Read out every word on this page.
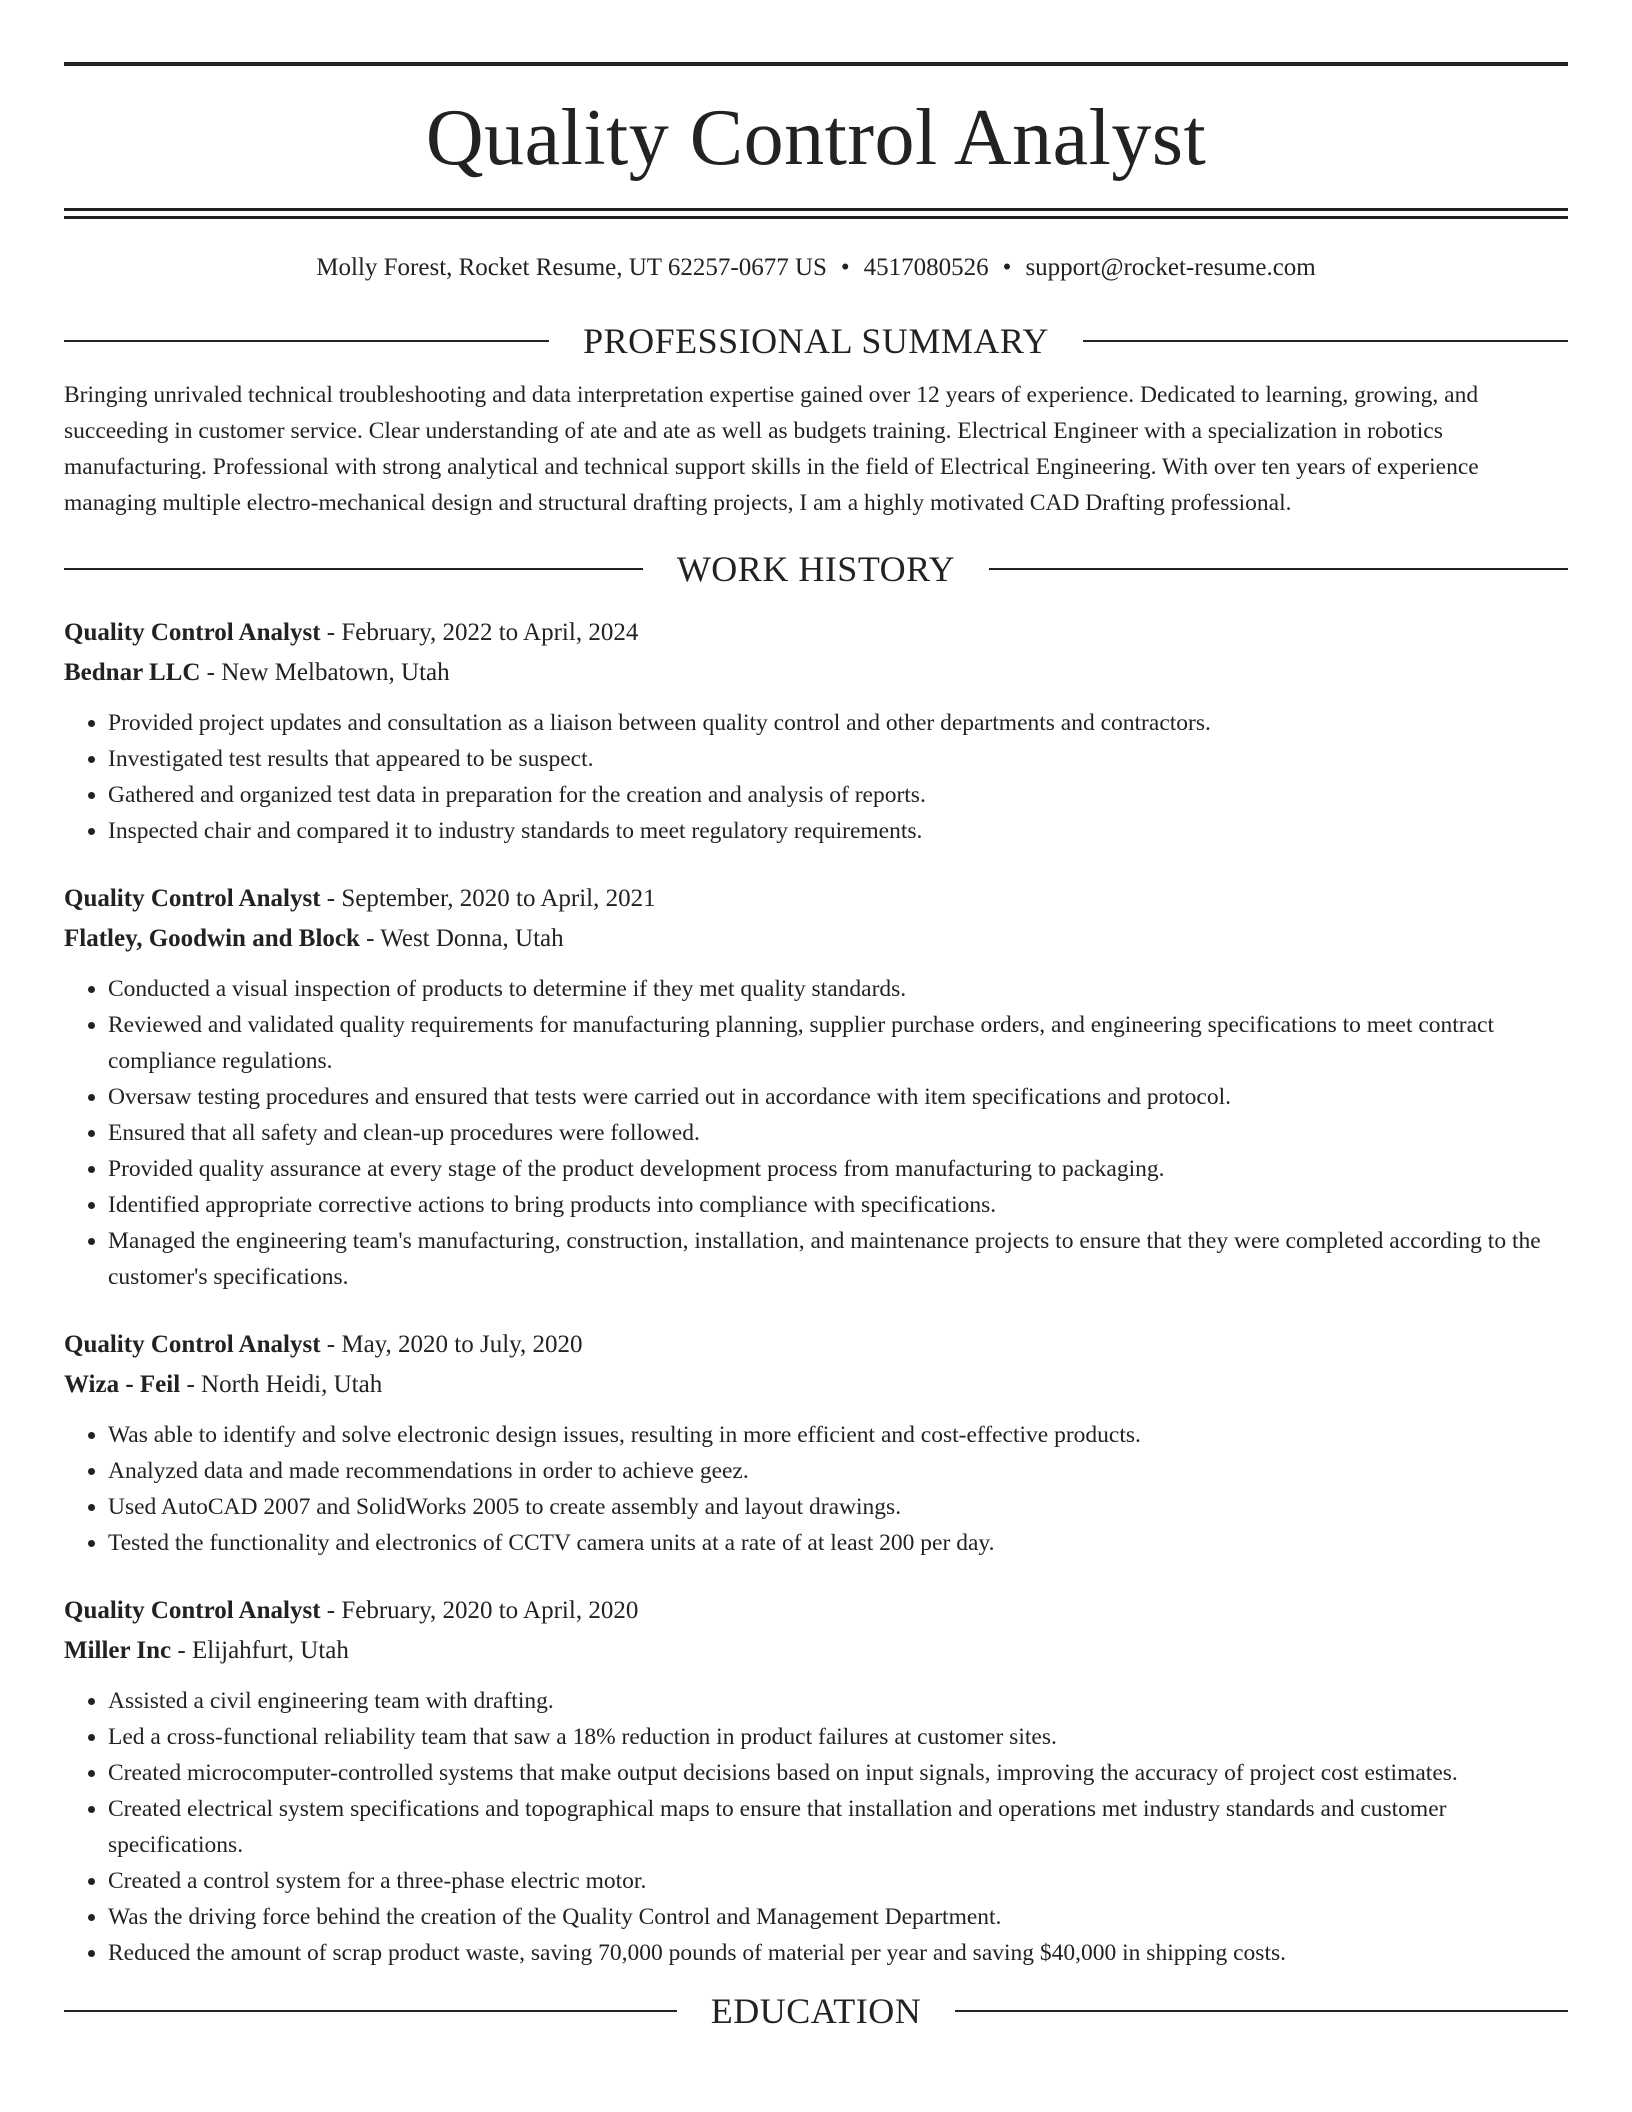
Quality Control Analyst
Molly Forest, Rocket Resume, UT 62257-0677 US • 4517080526 • support@rocket-resume.com
PROFESSIONAL SUMMARY
Bringing unrivaled technical troubleshooting and data interpretation expertise gained over 12 years of experience. Dedicated to learning, growing, and succeeding in customer service. Clear understanding of ate and ate as well as budgets training. Electrical Engineer with a specialization in robotics manufacturing. Professional with strong analytical and technical support skills in the field of Electrical Engineering. With over ten years of experience managing multiple electro-mechanical design and structural drafting projects, I am a highly motivated CAD Drafting professional.
WORK HISTORY
Quality Control Analyst - February, 2022 to April, 2024
Bednar LLC - New Melbatown, Utah
• Provided project updates and consultation as a liaison between quality control and other departments and contractors.
• Investigated test results that appeared to be suspect.
• Gathered and organized test data in preparation for the creation and analysis of reports.
• Inspected chair and compared it to industry standards to meet regulatory requirements.
Quality Control Analyst - September, 2020 to April, 2021
Flatley, Goodwin and Block - West Donna, Utah
• Conducted a visual inspection of products to determine if they met quality standards.
• Reviewed and validated quality requirements for manufacturing planning, supplier purchase orders, and engineering specifications to meet contract compliance regulations.
• Oversaw testing procedures and ensured that tests were carried out in accordance with item specifications and protocol.
• Ensured that all safety and clean-up procedures were followed.
• Provided quality assurance at every stage of the product development process from manufacturing to packaging.
• Identified appropriate corrective actions to bring products into compliance with specifications.
• Managed the engineering team's manufacturing, construction, installation, and maintenance projects to ensure that they were completed according to the customer's specifications.
Quality Control Analyst - May, 2020 to July, 2020
Wiza - Feil - North Heidi, Utah
• Was able to identify and solve electronic design issues, resulting in more efficient and cost-effective products.
• Analyzed data and made recommendations in order to achieve geez.
• Used AutoCAD 2007 and SolidWorks 2005 to create assembly and layout drawings.
• Tested the functionality and electronics of CCTV camera units at a rate of at least 200 per day.
Quality Control Analyst - February, 2020 to April, 2020
Miller Inc - Elijahfurt, Utah
• Assisted a civil engineering team with drafting.
• Led a cross-functional reliability team that saw a 18% reduction in product failures at customer sites.
• Created microcomputer-controlled systems that make output decisions based on input signals, improving the accuracy of project cost estimates.
• Created electrical system specifications and topographical maps to ensure that installation and operations met industry standards and customer specifications.
• Created a control system for a three-phase electric motor.
• Was the driving force behind the creation of the Quality Control and Management Department.
• Reduced the amount of scrap product waste, saving 70,000 pounds of material per year and saving $40,000 in shipping costs.
EDUCATION
